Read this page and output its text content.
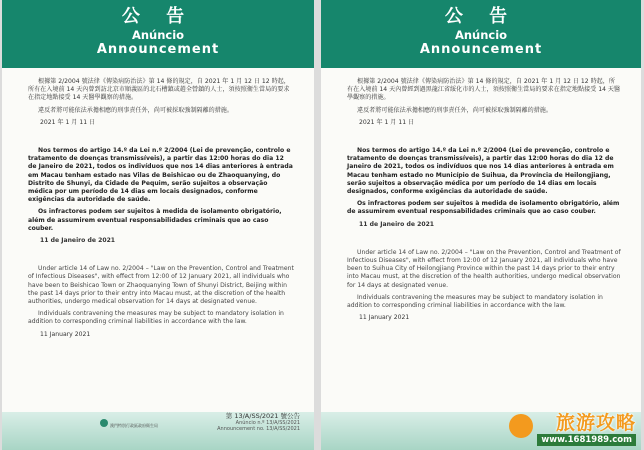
公 告
Anúncio
Announcement

根據第 2/2004 號法律《傳染病防治法》第 14 條的規定，自 2021 年 1 月 12 日 12 時起，所有在入境前 14 天內曾到訪北京市順義區的北石槽鎮或趙全營鎮的人士，須按照衛生當局的要求在指定地點接受 14 天醫學觀察的措施。

違反者將可能依法承擔相應的刑事責任外，尚可被採取強制隔離的措施。

2021 年 1 月 11 日

Nos termos do artigo 14.º da Lei n.º 2/2004 (Lei de prevenção, controlo e tratamento de doenças transmissíveis), a partir das 12:00 horas do dia 12 de Janeiro de 2021, todos os indivíduos que nos 14 dias anteriores à entrada em Macau tenham estado nas Vilas de Beishicao ou de Zhaoquanying, do Distrito de Shunyi, da Cidade de Pequim, serão sujeitos a observação médica por um período de 14 dias em locais designados, conforme exigências da autoridade de saúde.

Os infractores podem ser sujeitos à medida de isolamento obrigatório, além de assumirem eventual responsabilidades criminais que ao caso couber.

11 de Janeiro de 2021

Under article 14 of Law no. 2/2004 – "Law on the Prevention, Control and Treatment of Infectious Diseases", with effect from 12:00 of 12 January 2021, all individuals who have been to Beishicao Town or Zhaoquanying Town of Shunyi District, Beijing within the past 14 days prior to their entry into Macau must, at the discretion of the health authorities, undergo medical observation for 14 days at designated venue.

Individuals contravening the measures may be subject to mandatory isolation in addition to corresponding criminal liabilities in accordance with the law.

11 January 2021

澳門特別行政區政府衛生局
第 13/A/SS/2021 號公告
Anúncio n.º 13/A/SS/2021
Announcement no. 13/A/SS/2021
公 告
Anúncio
Announcement

根據第 2/2004 號法律《傳染病防治法》第 14 條的規定，自 2021 年 1 月 12 日 12 時起，所有在入境前 14 天內曾經到過黑龍江省綏化市的人士，須按照衛生當局的要求在指定地點接受 14 天醫學觀察的措施。

違反者將可能依法承擔相應的刑事責任外，尚可被採取強制隔離的措施。

2021 年 1 月 11 日

Nos termos do artigo 14.º da Lei n.º 2/2004 (Lei de prevenção, controlo e tratamento de doenças transmissíveis), a partir das 12:00 horas do dia 12 de Janeiro de 2021, todos os indivíduos que nos 14 dias anteriores à entrada em Macau tenham estado no Município de Suihua, da Província de Heilongjiang, serão sujeitos a observação médica por um período de 14 dias em locais designados, conforme exigências da autoridade de saúde.

Os infractores podem ser sujeitos à medida de isolamento obrigatório, além de assumirem eventual responsabilidades criminais que ao caso couber.

11 de Janeiro de 2021

Under article 14 of Law no. 2/2004 – "Law on the Prevention, Control and Treatment of Infectious Diseases", with effect from 12:00 of 12 January 2021, all individuals who have been to Suihua City of Heilongjiang Province within the past 14 days prior to their entry into Macau must, at the discretion of the health authorities, undergo medical observation for 14 days at designated venue.

Individuals contravening the measures may be subject to mandatory isolation in addition to corresponding criminal liabilities in accordance with the law.

11 January 2021

旅游攻略
www.1681989.com
